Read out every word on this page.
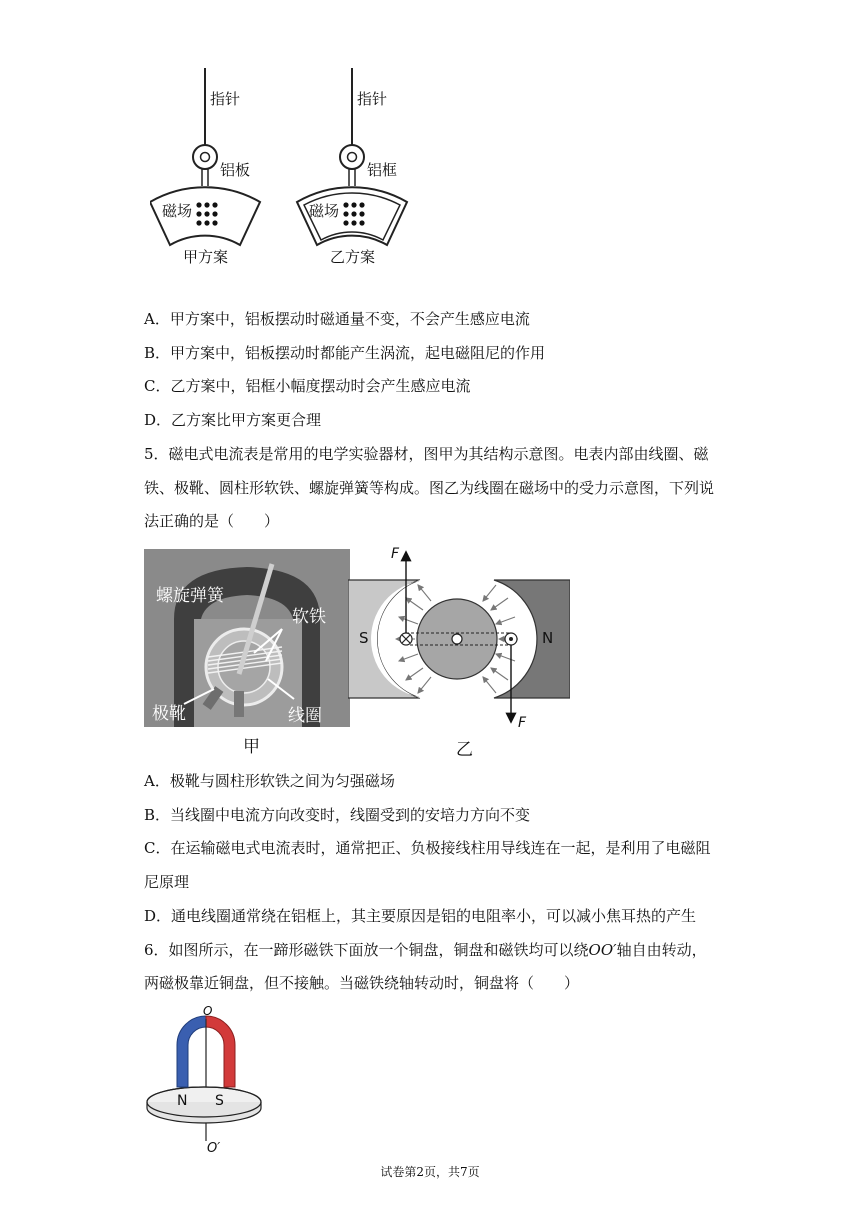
指针
铝板
磁场
甲方案
指针
铝框
磁场
乙方案
A．甲方案中，铝板摆动时磁通量不变，不会产生感应电流
B．甲方案中，铝板摆动时都能产生涡流，起电磁阻尼的作用
C．乙方案中，铝框小幅度摆动时会产生感应电流
D．乙方案比甲方案更合理
5．磁电式电流表是常用的电学实验器材，图甲为其结构示意图。电表内部由线圈、磁
铁、极靴、圆柱形软铁、螺旋弹簧等构成。图乙为线圈在磁场中的受力示意图，下列说
法正确的是（　　）
螺旋弹簧
软铁
极靴	线圈
甲
F
F
S	N
乙
A．极靴与圆柱形软铁之间为匀强磁场
B．当线圈中电流方向改变时，线圈受到的安培力方向不变
C．在运输磁电式电流表时，通常把正、负极接线柱用导线连在一起，是利用了电磁阻
尼原理
D．通电线圈通常绕在铝框上，其主要原因是铝的电阻率小，可以减小焦耳热的产生
6．如图所示，在一蹄形磁铁下面放一个铜盘，铜盘和磁铁均可以绕OO′轴自由转动，
两磁极靠近铜盘，但不接触。当磁铁绕轴转动时，铜盘将（　　）
O
O′
N S
试卷第2页，共7页
